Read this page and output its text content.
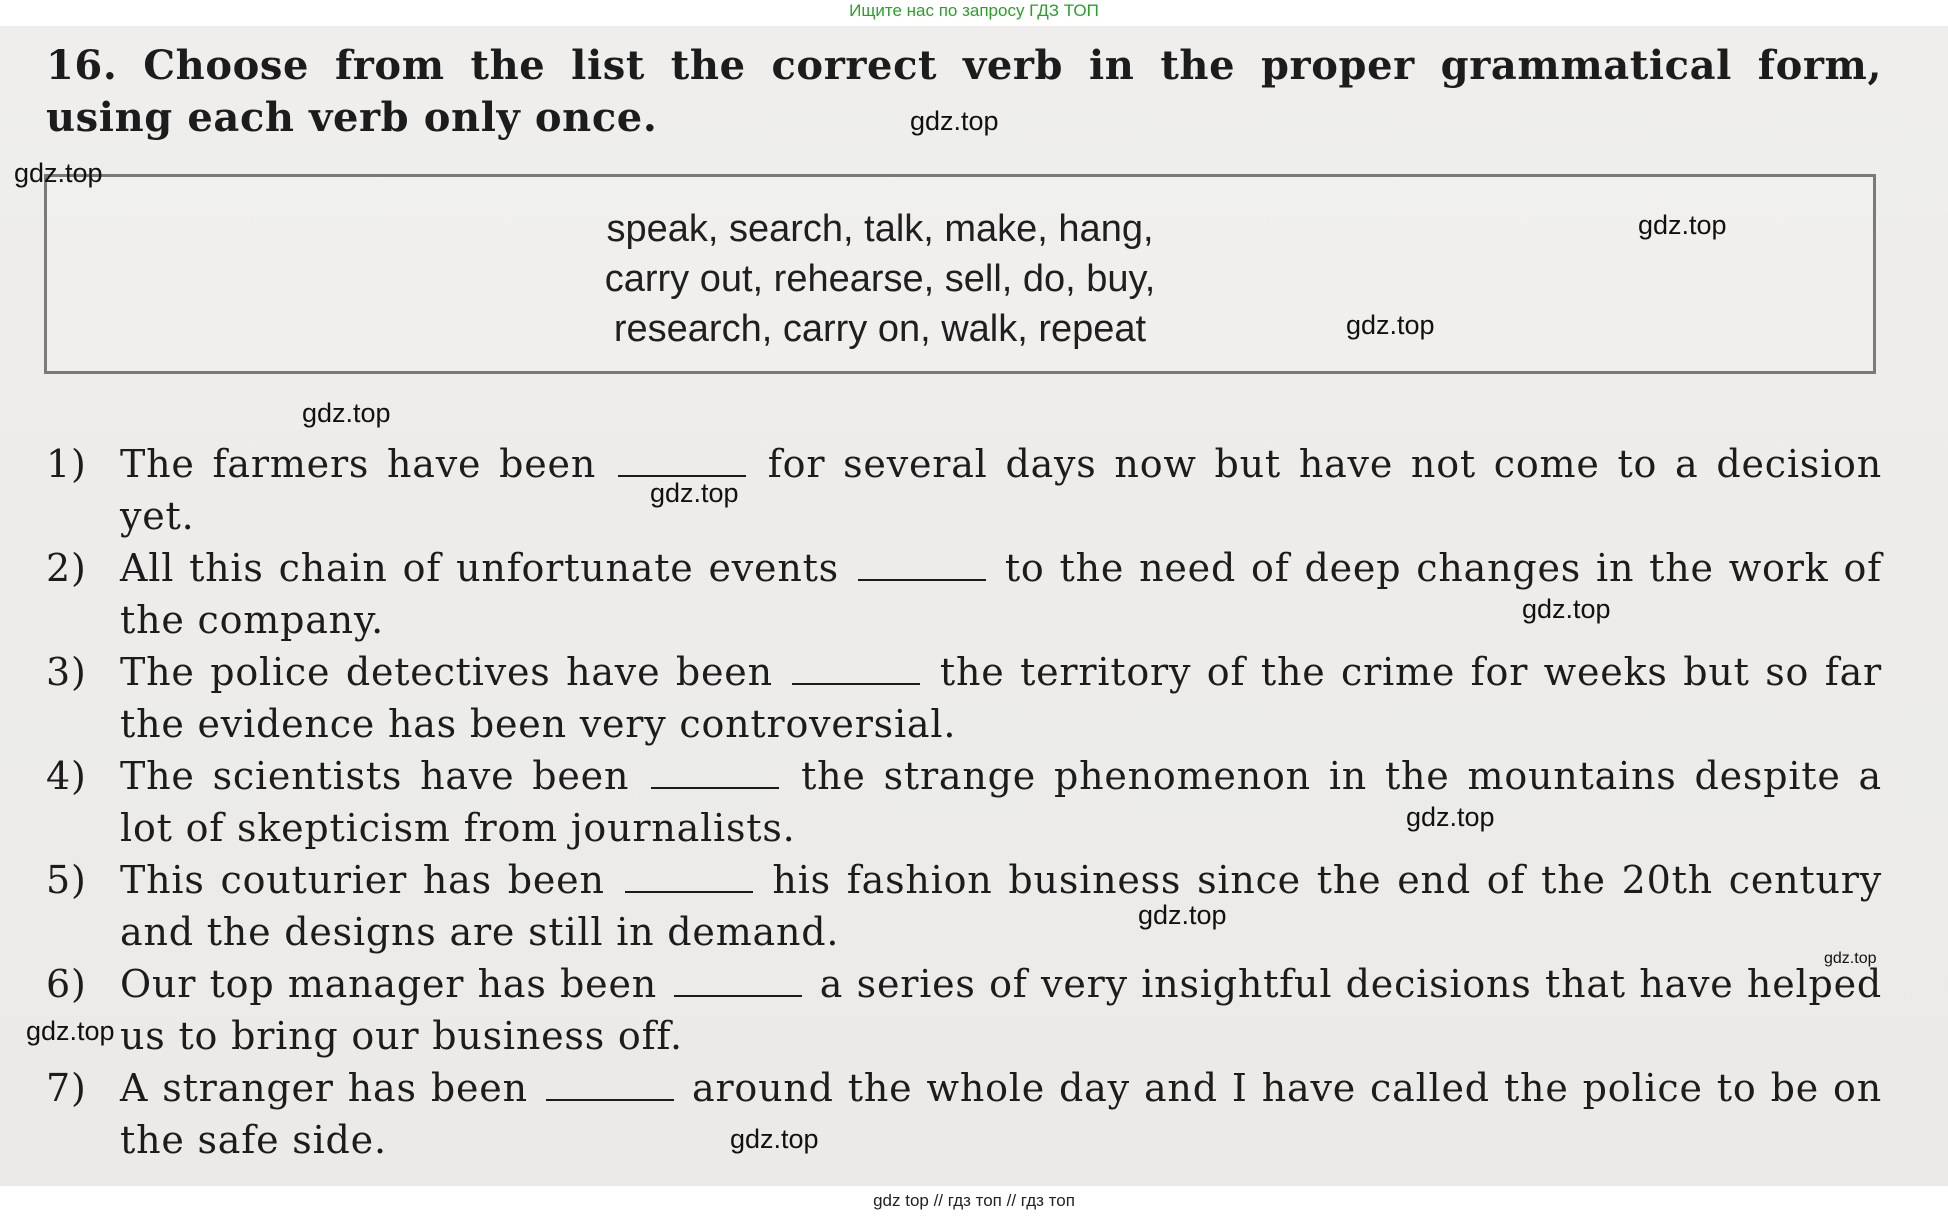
Ищите нас по запросу ГДЗ ТОП
16. Choose from the list the correct verb in the proper grammatical form, using each verb only once.
speak, search, talk, make, hang,
carry out, rehearse, sell, do, buy,
research, carry on, walk, repeat
1) The farmers have been	for several days now but have not come to a decision yet.
2) All this chain of unfortunate events	to the need of deep changes in the work of the company.
3) The police detectives have been	the territory of the crime for weeks but so far the evidence has been very controversial.
4) The scientists have been	the strange phenomenon in the mountains despite a lot of skepticism from journalists.
5) This couturier has been	his fashion business since the end of the 20th century and the designs are still in demand.
6) Our top manager has been	a series of very insightful decisions that have helped us to bring our business off.
7) A stranger has been	around the whole day and I have called the police to be on the safe side.
gdz.top
gdz.top
gdz.top
gdz.top
gdz.top
gdz.top
gdz.top
gdz.top
gdz.top
gdz.top
gdz.top
gdz.top
gdz top // гдз топ // гдз топ
